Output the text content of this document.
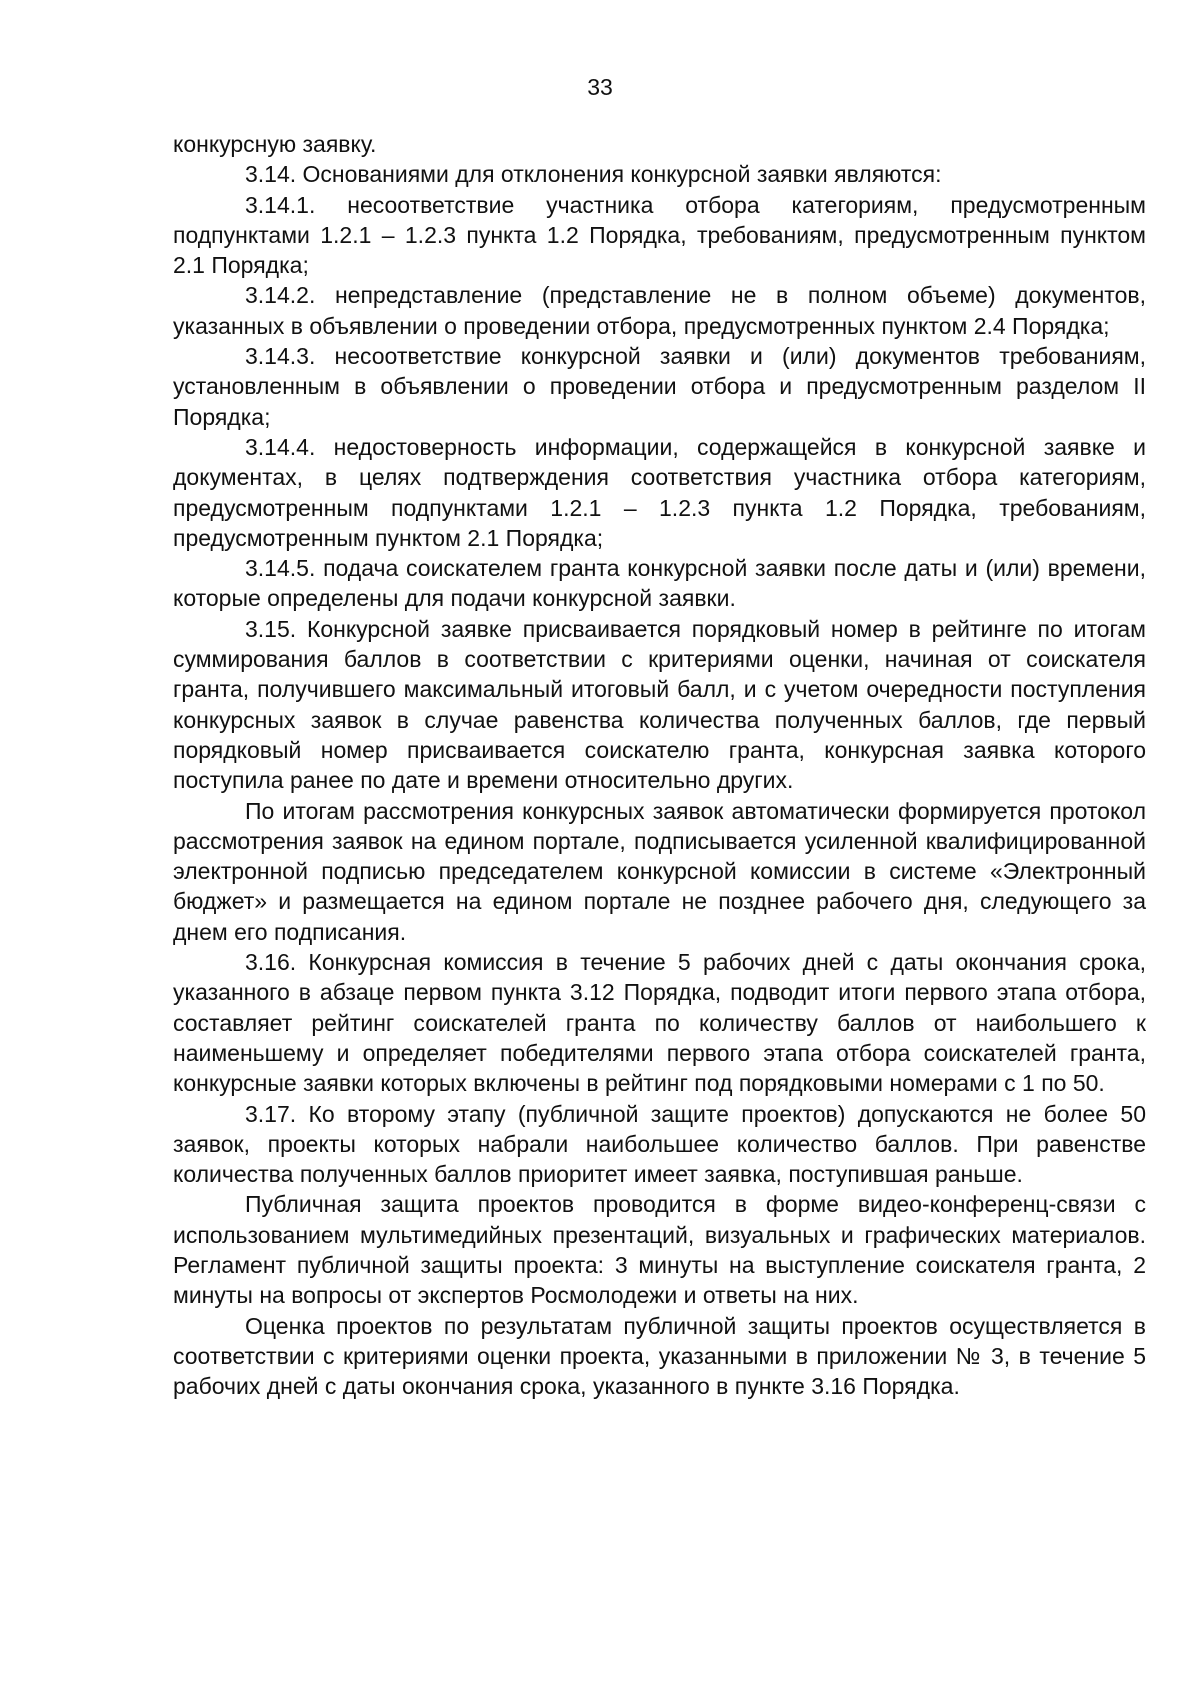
33

конкурсную заявку.

3.14. Основаниями для отклонения конкурсной заявки являются:

3.14.1. несоответствие участника отбора категориям, предусмотренным подпунктами 1.2.1 – 1.2.3 пункта 1.2 Порядка, требованиям, предусмотренным пунктом 2.1 Порядка;

3.14.2. непредставление (представление не в полном объеме) документов, указанных в объявлении о проведении отбора, предусмотренных пунктом 2.4 Порядка;

3.14.3. несоответствие конкурсной заявки и (или) документов требованиям, установленным в объявлении о проведении отбора и предусмотренным разделом II Порядка;

3.14.4. недостоверность информации, содержащейся в конкурсной заявке и документах, в целях подтверждения соответствия участника отбора категориям, предусмотренным подпунктами 1.2.1 – 1.2.3 пункта 1.2 Порядка, требованиям, предусмотренным пунктом 2.1 Порядка;

3.14.5. подача соискателем гранта конкурсной заявки после даты и (или) времени, которые определены для подачи конкурсной заявки.

3.15. Конкурсной заявке присваивается порядковый номер в рейтинге по итогам суммирования баллов в соответствии с критериями оценки, начиная от соискателя гранта, получившего максимальный итоговый балл, и с учетом очередности поступления конкурсных заявок в случае равенства количества полученных баллов, где первый порядковый номер присваивается соискателю гранта, конкурсная заявка которого поступила ранее по дате и времени относительно других.

По итогам рассмотрения конкурсных заявок автоматически формируется протокол рассмотрения заявок на едином портале, подписывается усиленной квалифицированной электронной подписью председателем конкурсной комиссии в системе «Электронный бюджет» и размещается на едином портале не позднее рабочего дня, следующего за днем его подписания.

3.16. Конкурсная комиссия в течение 5 рабочих дней с даты окончания срока, указанного в абзаце первом пункта 3.12 Порядка, подводит итоги первого этапа отбора, составляет рейтинг соискателей гранта по количеству баллов от наибольшего к наименьшему и определяет победителями первого этапа отбора соискателей гранта, конкурсные заявки которых включены в рейтинг под порядковыми номерами с 1 по 50.

3.17. Ко второму этапу (публичной защите проектов) допускаются не более 50 заявок, проекты которых набрали наибольшее количество баллов. При равенстве количества полученных баллов приоритет имеет заявка, поступившая раньше.

Публичная защита проектов проводится в форме видео-конференц-связи с использованием мультимедийных презентаций, визуальных и графических материалов. Регламент публичной защиты проекта: 3 минуты на выступление соискателя гранта, 2 минуты на вопросы от экспертов Росмолодежи и ответы на них.

Оценка проектов по результатам публичной защиты проектов осуществляется в соответствии с критериями оценки проекта, указанными в приложении № 3, в течение 5 рабочих дней с даты окончания срока, указанного в пункте 3.16 Порядка.
